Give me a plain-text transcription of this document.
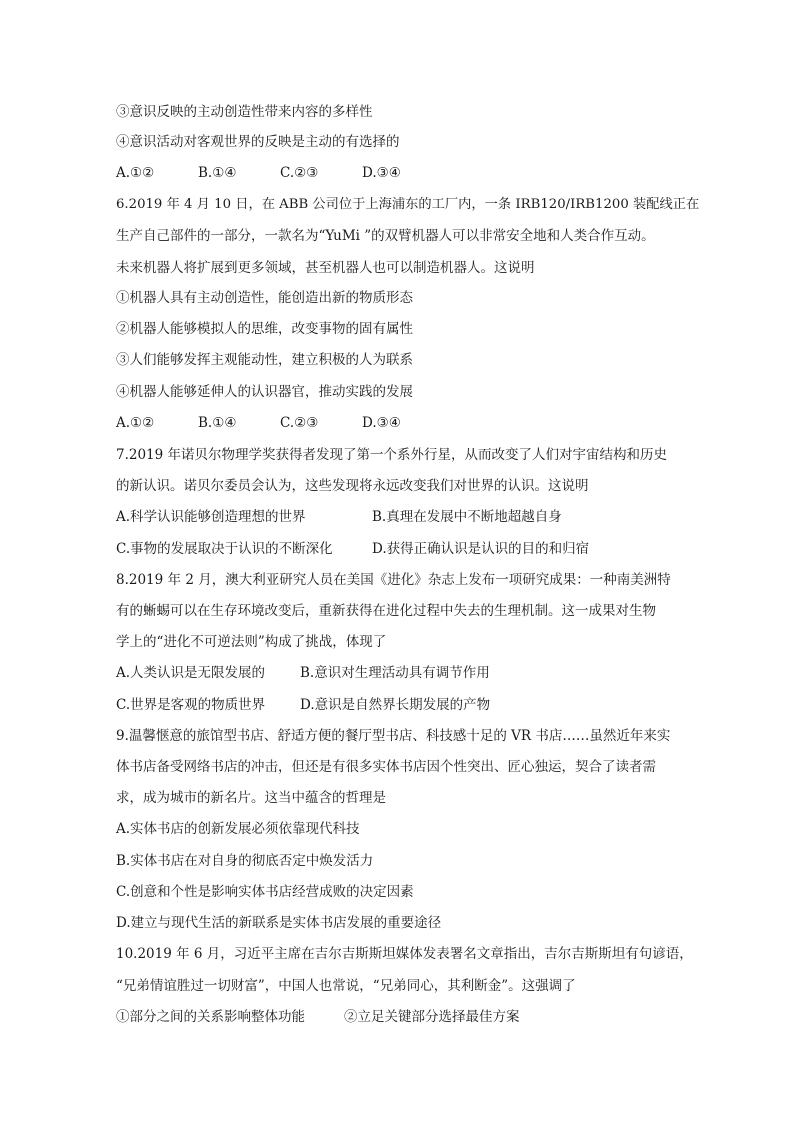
③意识反映的主动创造性带来内容的多样性
④意识活动对客观世界的反映是主动的有选择的
A.①②	B.①④	C.②③	D.③④
6.2019 年 4 月 10 日，在 ABB 公司位于上海浦东的工厂内，一条 IRB120/IRB1200 装配线正在
生产自己部件的一部分，一款名为“YuMi ”的双臂机器人可以非常安全地和人类合作互动。
未来机器人将扩展到更多领域，甚至机器人也可以制造机器人。这说明
①机器人具有主动创造性，能创造出新的物质形态
②机器人能够模拟人的思维，改变事物的固有属性
③人们能够发挥主观能动性，建立积极的人为联系
④机器人能够延伸人的认识器官，推动实践的发展
A.①②	B.①④	C.②③	D.③④
7.2019 年诺贝尔物理学奖获得者发现了第一个系外行星，从而改变了人们对宇宙结构和历史
的新认识。诺贝尔委员会认为，这些发现将永远改变我们对世界的认识。这说明
A.科学认识能够创造理想的世界	B.真理在发展中不断地超越自身
C.事物的发展取决于认识的不断深化	D.获得正确认识是认识的目的和归宿
8.2019 年 2 月，澳大利亚研究人员在美国《进化》杂志上发布一项研究成果：一种南美洲特
有的蜥蜴可以在生存环境改变后，重新获得在进化过程中失去的生理机制。这一成果对生物
学上的“进化不可逆法则”构成了挑战，体现了
A.人类认识是无限发展的	B.意识对生理活动具有调节作用
C.世界是客观的物质世界	D.意识是自然界长期发展的产物
9.温馨惬意的旅馆型书店、舒适方便的餐厅型书店、科技感十足的 VR 书店……虽然近年来实
体书店备受网络书店的冲击，但还是有很多实体书店因个性突出、匠心独运，契合了读者需
求，成为城市的新名片。这当中蕴含的哲理是
A.实体书店的创新发展必须依靠现代科技
B.实体书店在对自身的彻底否定中焕发活力
C.创意和个性是影响实体书店经营成败的决定因素
D.建立与现代生活的新联系是实体书店发展的重要途径
10.2019 年 6 月，习近平主席在吉尔吉斯斯坦媒体发表署名文章指出，吉尔吉斯斯坦有句谚语，
“兄弟情谊胜过一切财富”，中国人也常说，“兄弟同心，其利断金”。这强调了
①部分之间的关系影响整体功能	②立足关键部分选择最佳方案
